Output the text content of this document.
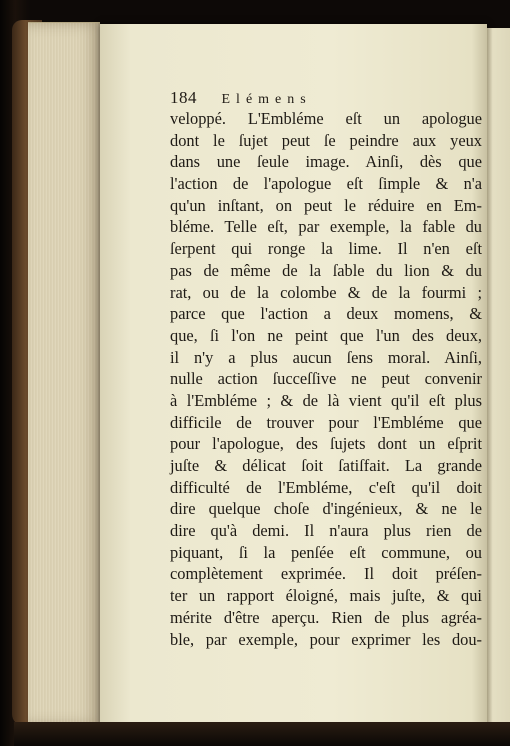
184 Elémens
veloppé. L'Embléme eſt un apologue
dont le ſujet peut ſe peindre aux yeux
dans une ſeule image. Ainſi, dès que
l'action de l'apologue eſt ſimple & n'a
qu'un inſtant, on peut le réduire en Em-
bléme. Telle eſt, par exemple, la fable du
ſerpent qui ronge la lime. Il n'en eſt
pas de même de la ſable du lion & du
rat, ou de la colombe & de la fourmi ;
parce que l'action a deux momens, &
que, ſi l'on ne peint que l'un des deux,
il n'y a plus aucun ſens moral. Ainſi,
nulle action ſucceſſive ne peut convenir
à l'Embléme ; & de là vient qu'il eſt plus
difficile de trouver pour l'Embléme que
pour l'apologue, des ſujets dont un eſprit
juſte & délicat ſoit ſatiſfait. La grande
difficulté de l'Embléme, c'eſt qu'il doit
dire quelque choſe d'ingénieux, & ne le
dire qu'à demi. Il n'aura plus rien de
piquant, ſi la penſée eſt commune, ou
complètement exprimée. Il doit préſen-
ter un rapport éloigné, mais juſte, & qui
mérite d'être aperçu. Rien de plus agréa-
ble, par exemple, pour exprimer les dou-
